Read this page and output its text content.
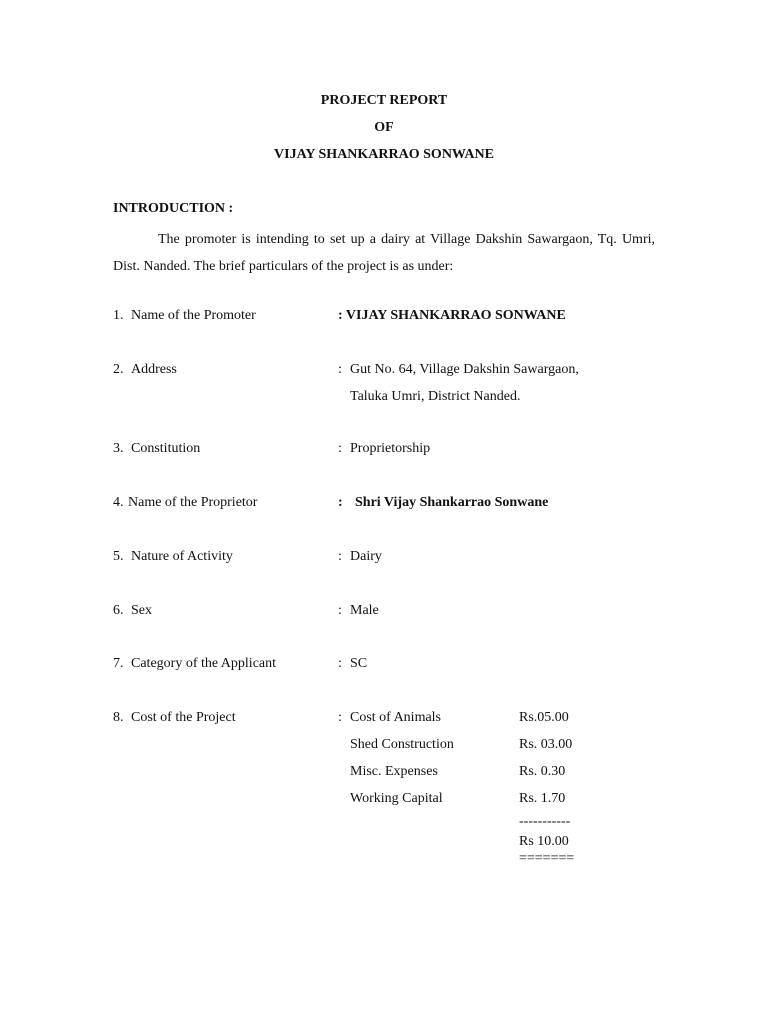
PROJECT REPORT
OF
VIJAY SHANKARRAO SONWANE
INTRODUCTION :
The promoter is intending to set up a dairy at Village Dakshin Sawargaon, Tq. Umri, Dist. Nanded. The brief particulars of the project is as under:
1. Name of the Promoter	: VIJAY SHANKARRAO SONWANE
2. Address	: Gut No. 64, Village Dakshin Sawargaon,
Taluka Umri, District Nanded.
3. Constitution	: Proprietorship
4. Name of the Proprietor	: Shri Vijay Shankarrao Sonwane
5. Nature of Activity	: Dairy
6. Sex	: Male
7. Category of the Applicant	: SC
8. Cost of the Project	: Cost of Animals	Rs.05.00
Shed Construction	Rs. 03.00
Misc. Expenses	Rs. 0.30
Working Capital	Rs. 1.70
-----------
Rs 10.00
=======
